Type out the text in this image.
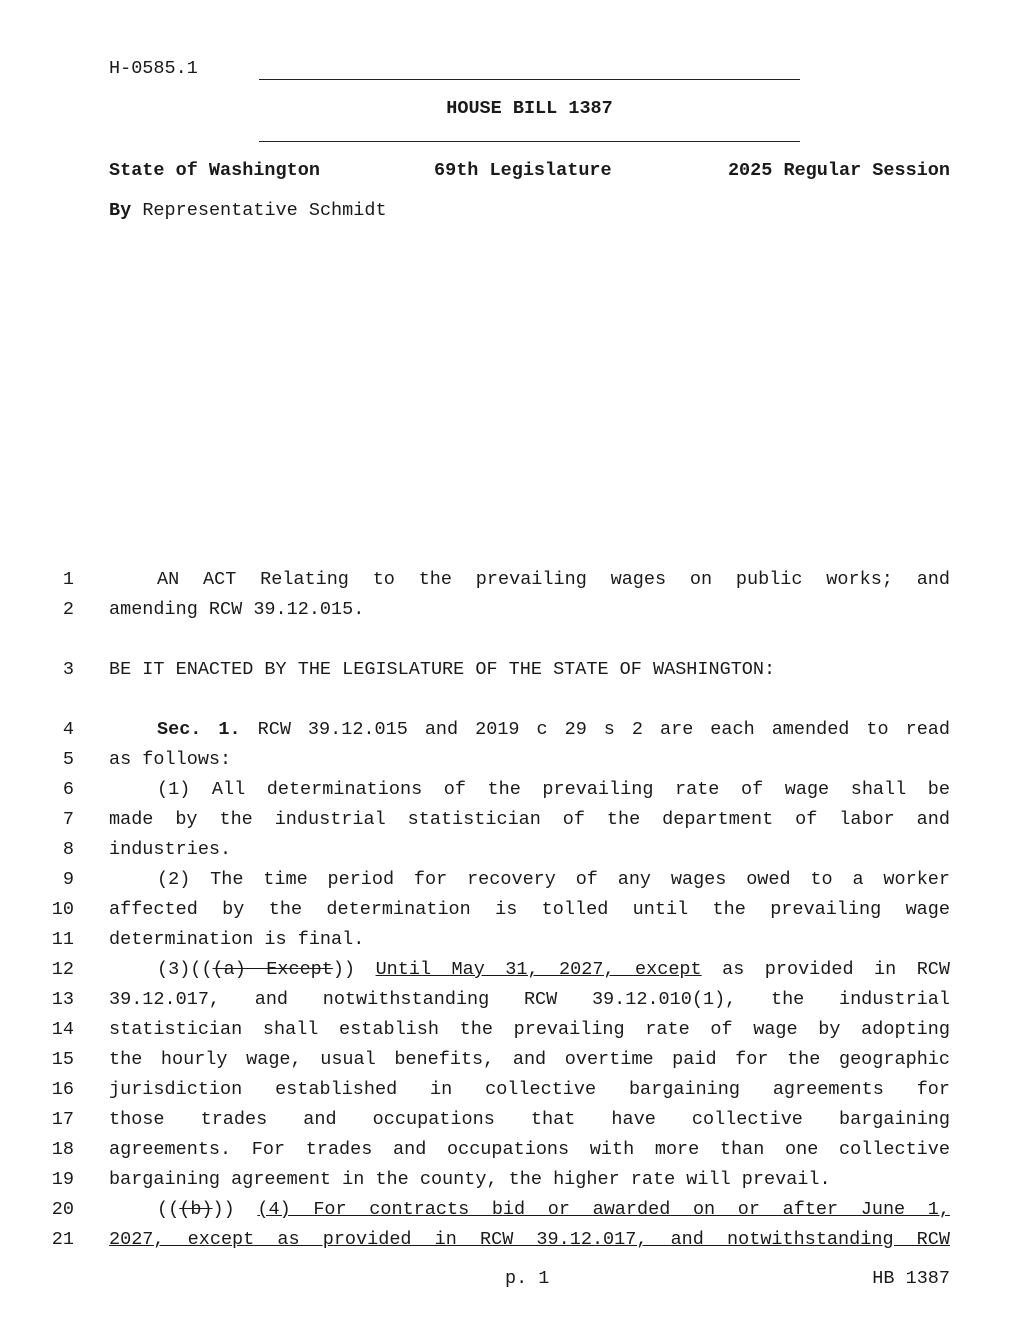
H-0585.1
HOUSE BILL 1387
State of Washington	69th Legislature	2025 Regular Session
By Representative Schmidt
1	AN ACT Relating to the prevailing wages on public works; and
2 amending RCW 39.12.015.
3 BE IT ENACTED BY THE LEGISLATURE OF THE STATE OF WASHINGTON:
4	Sec. 1. RCW 39.12.015 and 2019 c 29 s 2 are each amended to read
5 as follows:
6	(1) All determinations of the prevailing rate of wage shall be
7 made by the industrial statistician of the department of labor and
8 industries.
9	(2) The time period for recovery of any wages owed to a worker
10 affected by the determination is tolled until the prevailing wage
11 determination is final.
12	(3)(((a) Except)) Until May 31, 2027, except as provided in RCW
13 39.12.017, and notwithstanding RCW 39.12.010(1), the industrial
14 statistician shall establish the prevailing rate of wage by adopting
15 the hourly wage, usual benefits, and overtime paid for the geographic
16 jurisdiction established in collective bargaining agreements for
17 those trades and occupations that have collective bargaining
18 agreements. For trades and occupations with more than one collective
19 bargaining agreement in the county, the higher rate will prevail.
20	(((b))) (4) For contracts bid or awarded on or after June 1,
21 2027, except as provided in RCW 39.12.017, and notwithstanding RCW
p. 1	HB 1387
